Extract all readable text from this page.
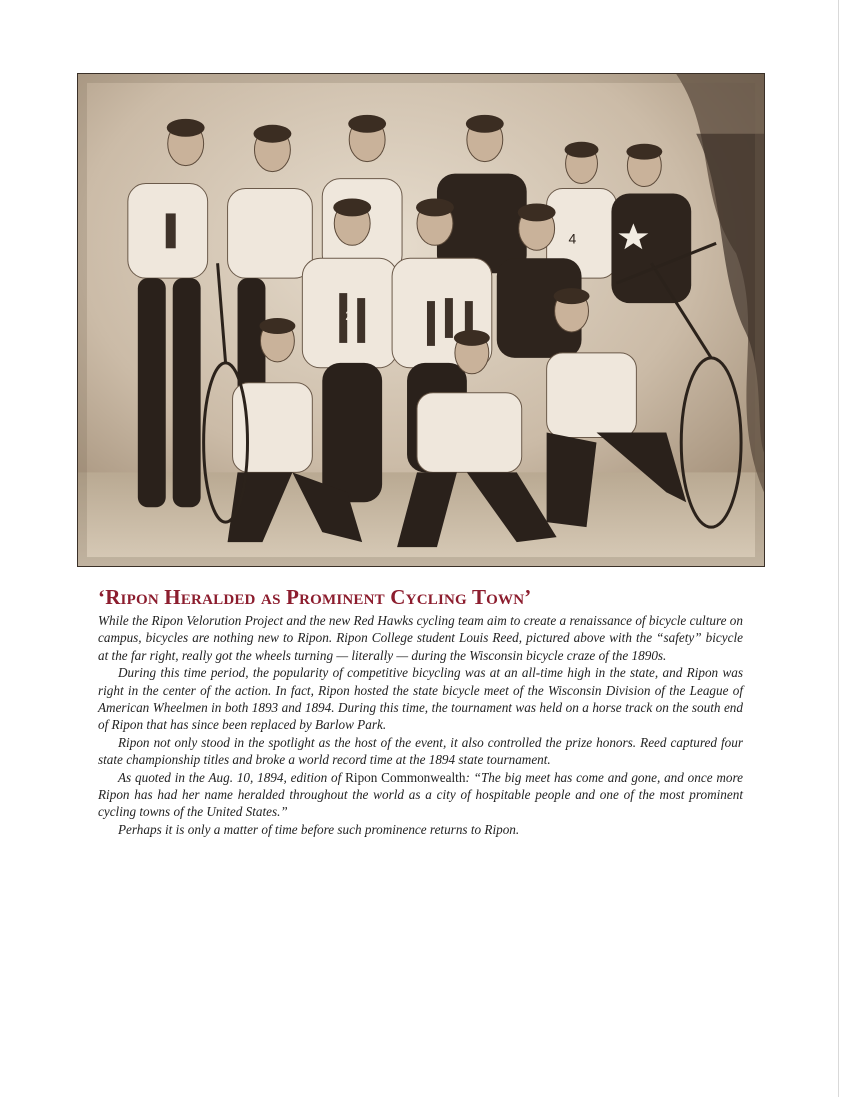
4
2
‘Ripon Heralded as Prominent Cycling Town’

While the Ripon Velorution Project and the new Red Hawks cycling team aim to create a renaissance of bicycle culture on campus, bicycles are nothing new to Ripon. Ripon College student Louis Reed, pictured above with the “safety” bicycle at the far right, really got the wheels turning — literally — during the Wisconsin bicycle craze of the 1890s.

During this time period, the popularity of competitive bicycling was at an all-time high in the state, and Ripon was right in the center of the action. In fact, Ripon hosted the state bicycle meet of the Wisconsin Division of the League of American Wheelmen in both 1893 and 1894. During this time, the tournament was held on a horse track on the south end of Ripon that has since been replaced by Barlow Park.

Ripon not only stood in the spotlight as the host of the event, it also controlled the prize honors. Reed captured four state championship titles and broke a world record time at the 1894 state tournament.

As quoted in the Aug. 10, 1894, edition of Ripon Commonwealth: “The big meet has come and gone, and once more Ripon has had her name heralded throughout the world as a city of hospitable people and one of the most prominent cycling towns of the United States.”

Perhaps it is only a matter of time before such prominence returns to Ripon.
